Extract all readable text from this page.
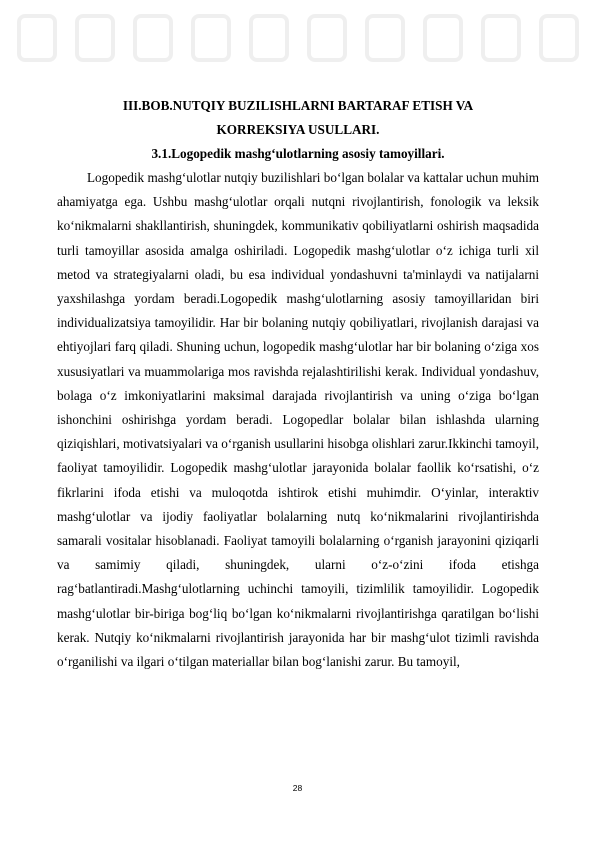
III.BOB.NUTQIY BUZILISHLARNI BARTARAF ETISH VA

KORREKSIYA USULLARI.

3.1.Logopedik mashg‘ulotlarning asosiy tamoyillari.

Logopedik mashg‘ulotlar nutqiy buzilishlari bo‘lgan bolalar va kattalar uchun muhim ahamiyatga ega. Ushbu mashg‘ulotlar orqali nutqni rivojlantirish, fonologik va leksik ko‘nikmalarni shakllantirish, shuningdek, kommunikativ qobiliyatlarni oshirish maqsadida turli tamoyillar asosida amalga oshiriladi. Logopedik mashg‘ulotlar o‘z ichiga turli xil metod va strategiyalarni oladi, bu esa individual yondashuvni ta'minlaydi va natijalarni yaxshilashga yordam beradi.Logopedik mashg‘ulotlarning asosiy tamoyillaridan biri individualizatsiya tamoyilidir. Har bir bolaning nutqiy qobiliyatlari, rivojlanish darajasi va ehtiyojlari farq qiladi. Shuning uchun, logopedik mashg‘ulotlar har bir bolaning o‘ziga xos xususiyatlari va muammolariga mos ravishda rejalashtirilishi kerak. Individual yondashuv, bolaga o‘z imkoniyatlarini maksimal darajada rivojlantirish va uning o‘ziga bo‘lgan ishonchini oshirishga yordam beradi. Logopedlar bolalar bilan ishlashda ularning qiziqishlari, motivatsiyalari va o‘rganish usullarini hisobga olishlari zarur.Ikkinchi tamoyil, faoliyat tamoyilidir. Logopedik mashg‘ulotlar jarayonida bolalar faollik ko‘rsatishi, o‘z fikrlarini ifoda etishi va muloqotda ishtirok etishi muhimdir. O‘yinlar, interaktiv mashg‘ulotlar va ijodiy faoliyatlar bolalarning nutq ko‘nikmalarini rivojlantirishda samarali vositalar hisoblanadi. Faoliyat tamoyili bolalarning o‘rganish jarayonini qiziqarli va samimiy qiladi, shuningdek, ularni o‘z-o‘zini ifoda etishga rag‘batlantiradi.Mashg‘ulotlarning uchinchi tamoyili, tizimlilik tamoyilidir. Logopedik mashg‘ulotlar bir-biriga bog‘liq bo‘lgan ko‘nikmalarni rivojlantirishga qaratilgan bo‘lishi kerak. Nutqiy ko‘nikmalarni rivojlantirish jarayonida har bir mashg‘ulot tizimli ravishda o‘rganilishi va ilgari o‘tilgan materiallar bilan bog‘lanishi zarur. Bu tamoyil,

28
